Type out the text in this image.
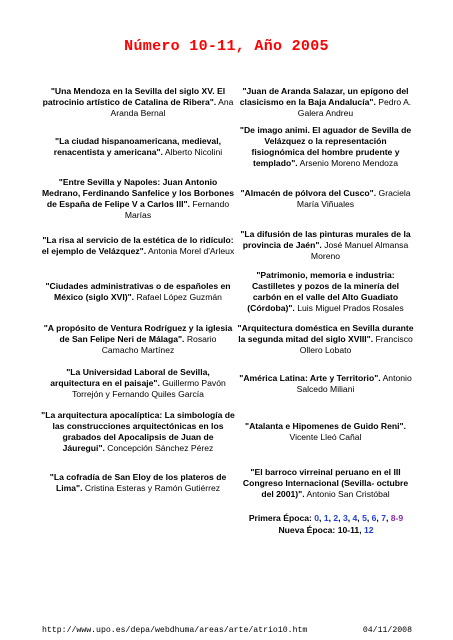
Número 10-11, Año 2005
"Una Mendoza en la Sevilla del siglo XV. El patrocinio artístico de Catalina de Ribera". Ana Aranda Bernal
"Juan de Aranda Salazar, un epígono del clasicismo en la Baja Andalucía". Pedro A. Galera Andreu
"La ciudad hispanoamericana, medieval, renacentista y americana". Alberto Nicolini
"De imago animi. El aguador de Sevilla de Velázquez o la representación fisiognómica del hombre prudente y templado". Arsenio Moreno Mendoza
"Entre Sevilla y Napoles: Juan Antonio Medrano, Ferdinando Sanfelice y los Borbones de España de Felipe V a Carlos III". Fernando Marías
"Almacén de pólvora del Cusco". Graciela María Viñuales
"La risa al servicio de la estética de lo ridículo: el ejemplo de Velázquez". Antonia Morel d'Arleux
"La difusión de las pinturas murales de la provincia de Jaén". José Manuel Almansa Moreno
"Ciudades administrativas o de españoles en México (siglo XVI)". Rafael López Guzmán
"Patrimonio, memoria e industria: Castilletes y pozos de la minería del carbón en el valle del Alto Guadiato (Córdoba)". Luis Miguel Prados Rosales
"A propósito de Ventura Rodríguez y la iglesia de San Felipe Neri de Málaga". Rosario Camacho Martínez
"Arquitectura doméstica en Sevilla durante la segunda mitad del siglo XVIII". Francisco Ollero Lobato
"La Universidad Laboral de Sevilla, arquitectura en el paisaje". Guillermo Pavón Torrejón y Fernando Quiles García
"América Latina: Arte y Territorio". Antonio Salcedo Miliani
"La arquitectura apocalíptica: La simbología de las construcciones arquitectónicas en los grabados del Apocalipsis de Juan de Jáuregui". Concepción Sánchez Pérez
"Atalanta e Hipomenes de Guido Reni". Vicente Lleó Cañal
"La cofradía de San Eloy de los plateros de Lima". Cristina Esteras y Ramón Gutiérrez
"El barroco virreinal peruano en el III Congreso Internacional (Sevilla- octubre del 2001)". Antonio San Cristóbal
Primera Época: 0, 1, 2, 3, 4, 5, 6, 7, 8-9
Nueva Época: 10-11, 12
http://www.upo.es/depa/webdhuma/areas/arte/atrio10.htm	04/11/2008
